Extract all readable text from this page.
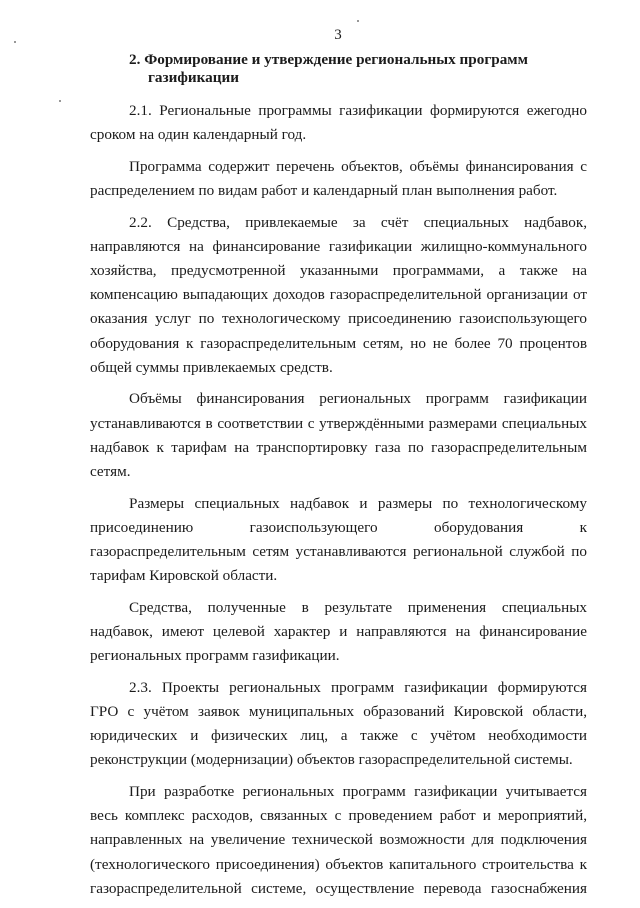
3
2. Формирование и утверждение региональных программ
газификации

2.1. Региональные программы газификации формируются ежегодно сроком на один календарный год.

Программа содержит перечень объектов, объёмы финансирования с распределением по видам работ и календарный план выполнения работ.

2.2. Средства, привлекаемые за счёт специальных надбавок, направляются на финансирование газификации жилищно-коммунального хозяйства, предусмотренной указанными программами, а также на компенсацию выпадающих доходов газораспределительной организации от оказания услуг по технологическому присоединению газоиспользующего оборудования к газораспределительным сетям, но не более 70 процентов общей суммы привлекаемых средств.

Объёмы финансирования региональных программ газификации устанавливаются в соответствии с утверждёнными размерами специальных надбавок к тарифам на транспортировку газа по газораспределительным сетям.

Размеры специальных надбавок и размеры по технологическому присоединению газоиспользующего оборудования к газораспределительным сетям устанавливаются региональной службой по тарифам Кировской области.

Средства, полученные в результате применения специальных надбавок, имеют целевой характер и направляются на финансирование региональных программ газификации.

2.3. Проекты региональных программ газификации формируются ГРО с учётом заявок муниципальных образований Кировской области, юридических и физических лиц, а также с учётом необходимости реконструкции (модернизации) объектов газораспределительной системы.

При разработке региональных программ газификации учитывается весь комплекс расходов, связанных с проведением работ и мероприятий, направленных на увеличение технической возможности для подключения (технологического присоединения) объектов капитального строительства к газораспределительной системе, осуществление перевода газоснабжения
